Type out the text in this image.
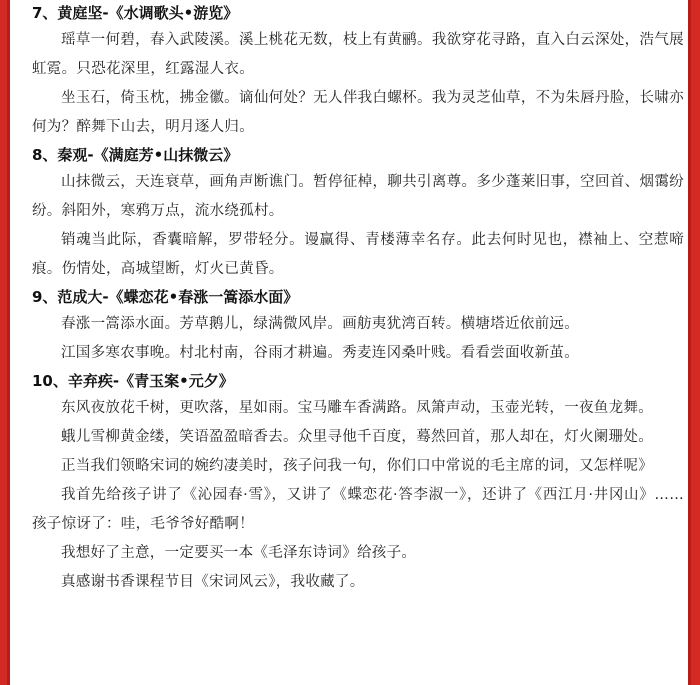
7、黄庭坚-《水调歌头•游览》
瑶草一何碧，春入武陵溪。溪上桃花无数，枝上有黄鹂。我欲穿花寻路，直入白云深处，浩气展虹霓。只恐花深里，红露湿人衣。
坐玉石，倚玉枕，拂金徽。谪仙何处？无人伴我白螺杯。我为灵芝仙草，不为朱唇丹脸，长啸亦何为？醉舞下山去，明月逐人归。
8、秦观-《满庭芳•山抹微云》
山抹微云，天连衰草，画角声断谯门。暂停征棹，聊共引离尊。多少蓬莱旧事，空回首、烟霭纷纷。斜阳外，寒鸦万点，流水绕孤村。
销魂当此际，香囊暗解，罗带轻分。谩赢得、青楼薄幸名存。此去何时见也，襟袖上、空惹啼痕。伤情处，高城望断，灯火已黄昏。
9、范成大-《蝶恋花•春涨一篙添水面》
春涨一篙添水面。芳草鹅儿，绿满微风岸。画舫夷犹湾百转。横塘塔近依前远。
江国多寒农事晚。村北村南，谷雨才耕遍。秀麦连冈桑叶贱。看看尝面收新茧。
10、辛弃疾-《青玉案•元夕》
东风夜放花千树，更吹落，星如雨。宝马雕车香满路。凤箫声动，玉壶光转，一夜鱼龙舞。
蛾儿雪柳黄金缕，笑语盈盈暗香去。众里寻他千百度，蓦然回首，那人却在，灯火阑珊处。
正当我们领略宋词的婉约凄美时，孩子问我一句，你们口中常说的毛主席的词，又怎样呢》
我首先给孩子讲了《沁园春·雪》，又讲了《蝶恋花·答李淑一》，还讲了《西江月·井冈山》…… 孩子惊讶了：哇，毛爷爷好酷啊！
我想好了主意，一定要买一本《毛泽东诗词》给孩子。
真感谢书香课程节目《宋词风云》，我收藏了。
